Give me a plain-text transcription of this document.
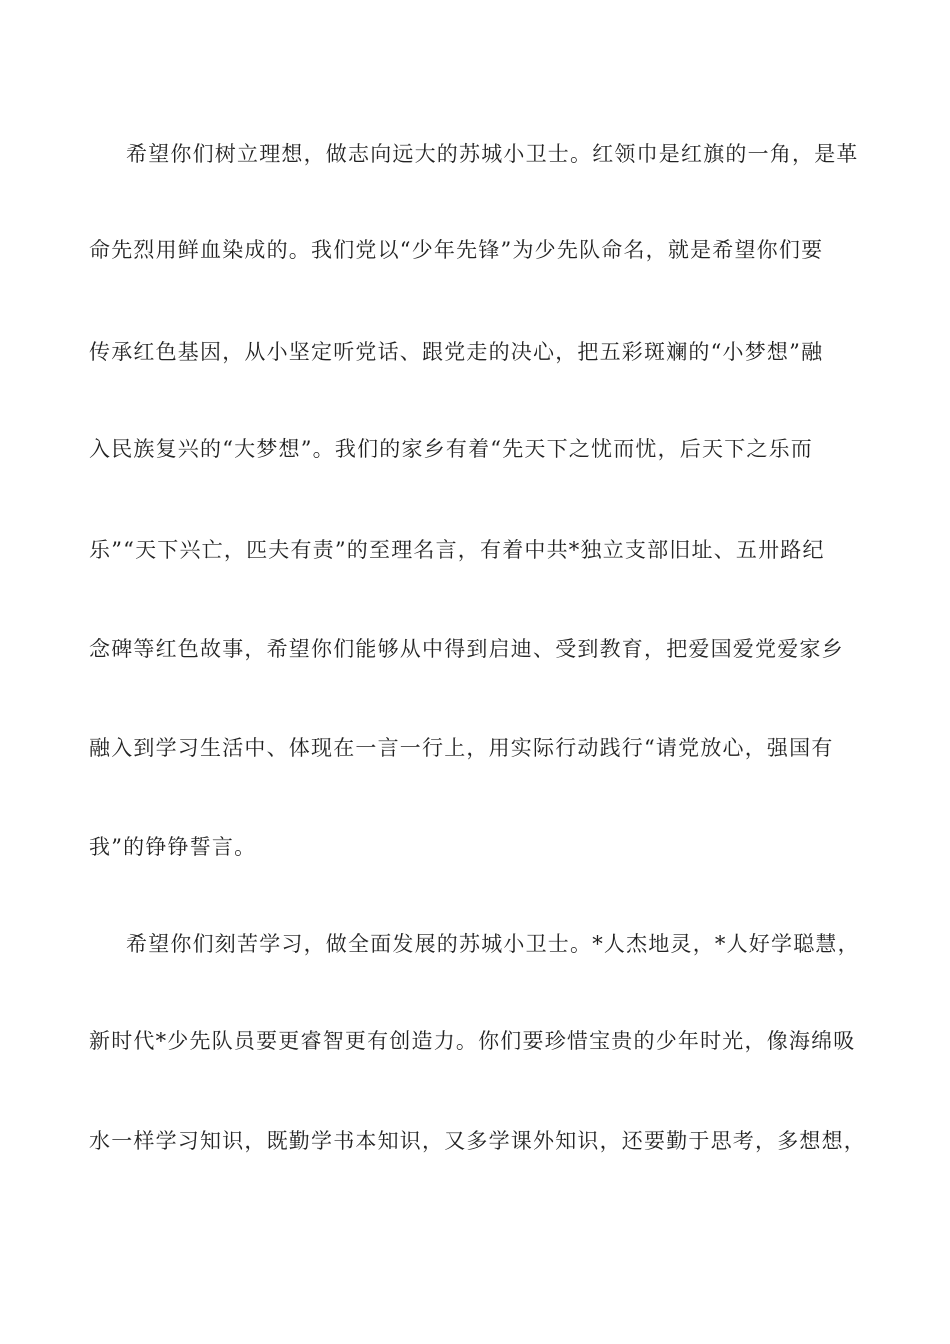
希望你们树立理想，做志向远大的苏城小卫士。红领巾是红旗的一角，是革
命先烈用鲜血染成的。我们党以“少年先锋”为少先队命名，就是希望你们要
传承红色基因，从小坚定听党话、跟党走的决心，把五彩斑斓的“小梦想”融
入民族复兴的“大梦想”。我们的家乡有着“先天下之忧而忧，后天下之乐而
乐”“天下兴亡，匹夫有责”的至理名言，有着中共*独立支部旧址、五卅路纪
念碑等红色故事，希望你们能够从中得到启迪、受到教育，把爱国爱党爱家乡
融入到学习生活中、体现在一言一行上，用实际行动践行“请党放心，强国有
我”的铮铮誓言。
希望你们刻苦学习，做全面发展的苏城小卫士。*人杰地灵，*人好学聪慧，
新时代*少先队员要更睿智更有创造力。你们要珍惜宝贵的少年时光，像海绵吸
水一样学习知识，既勤学书本知识，又多学课外知识，还要勤于思考，多想想，
